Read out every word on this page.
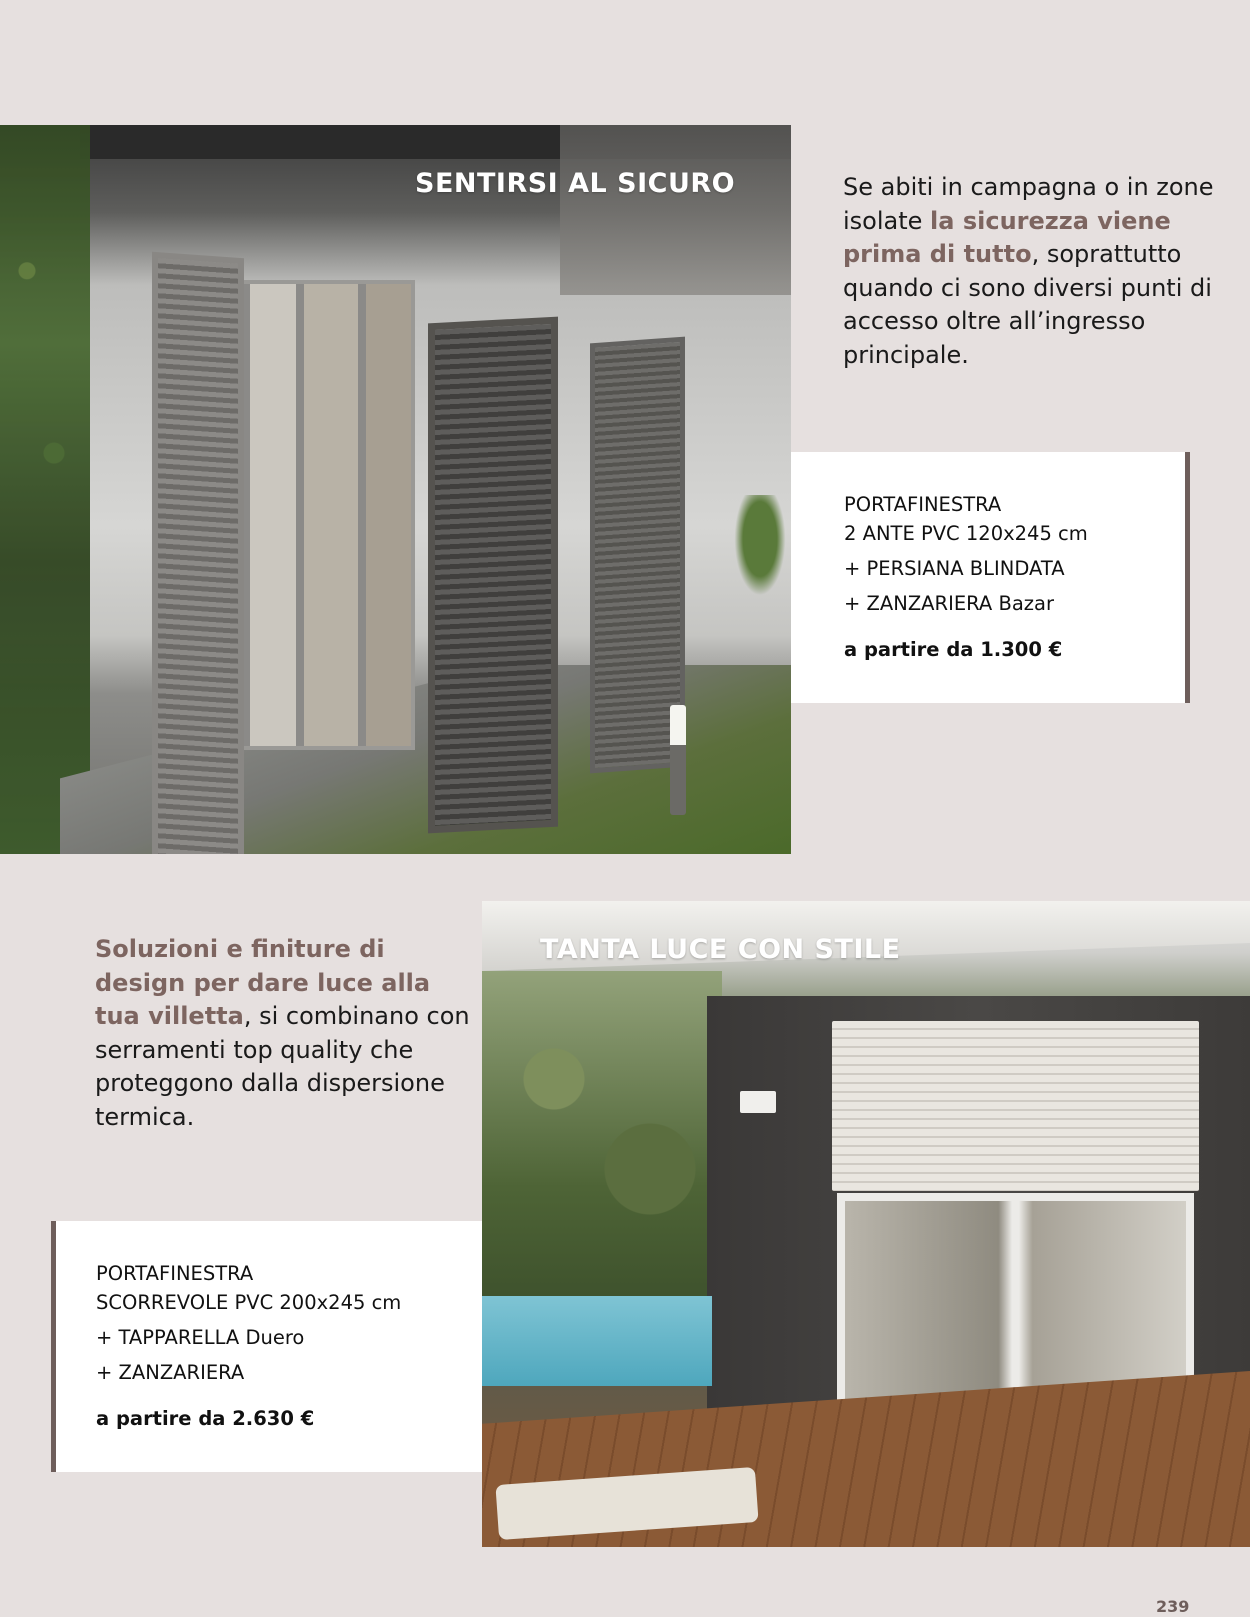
SENTIRSI AL SICURO	Se abiti in campagna o in zone isolate la sicurezza viene prima di tutto, soprattutto quando ci sono diversi punti di accesso oltre all’ingresso principale.

PORTAFINESTRA
2 ANTE PVC 120x245 cm
+ PERSIANA BLINDATA
+ ZANZARIERA Bazar
a partire da 1.300 €

Soluzioni e finiture di design per dare luce alla tua villetta, si combinano con serramenti top quality che proteggono dalla dispersione termica.

TANTA LUCE CON STILE
PORTAFINESTRA
SCORREVOLE PVC 200x245 cm
+ TAPPARELLA Duero
+ ZANZARIERA
a partire da 2.630 €
239
